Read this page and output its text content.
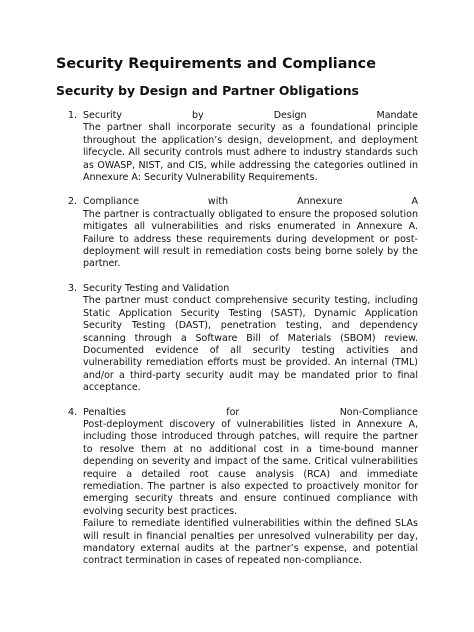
Security Requirements and Compliance
Security by Design and Partner Obligations
1. Security	by	Design	Mandate

The partner shall incorporate security as a foundational principle throughout the application’s design, development, and deployment lifecycle. All security controls must adhere to industry standards such as OWASP, NIST, and CIS, while addressing the categories outlined in Annexure A: Security Vulnerability Requirements.

2. Compliance	with	Annexure	A

The partner is contractually obligated to ensure the proposed solution mitigates all vulnerabilities and risks enumerated in Annexure A. Failure to address these requirements during development or post-deployment will result in remediation costs being borne solely by the partner.

3. Security Testing and Validation

The partner must conduct comprehensive security testing, including Static Application Security Testing (SAST), Dynamic Application Security Testing (DAST), penetration testing, and dependency scanning through a Software Bill of Materials (SBOM) review. Documented evidence of all security testing activities and vulnerability remediation efforts must be provided. An internal (TML) and/or a third-party security audit may be mandated prior to final acceptance.

4. Penalties	for	Non-Compliance

Post-deployment discovery of vulnerabilities listed in Annexure A, including those introduced through patches, will require the partner to resolve them at no additional cost in a time-bound manner depending on severity and impact of the same. Critical vulnerabilities require a detailed root cause analysis (RCA) and immediate remediation. The partner is also expected to proactively monitor for emerging security threats and ensure continued compliance with evolving security best practices.

Failure to remediate identified vulnerabilities within the defined SLAs will result in financial penalties per unresolved vulnerability per day, mandatory external audits at the partner’s expense, and potential contract termination in cases of repeated non-compliance.
